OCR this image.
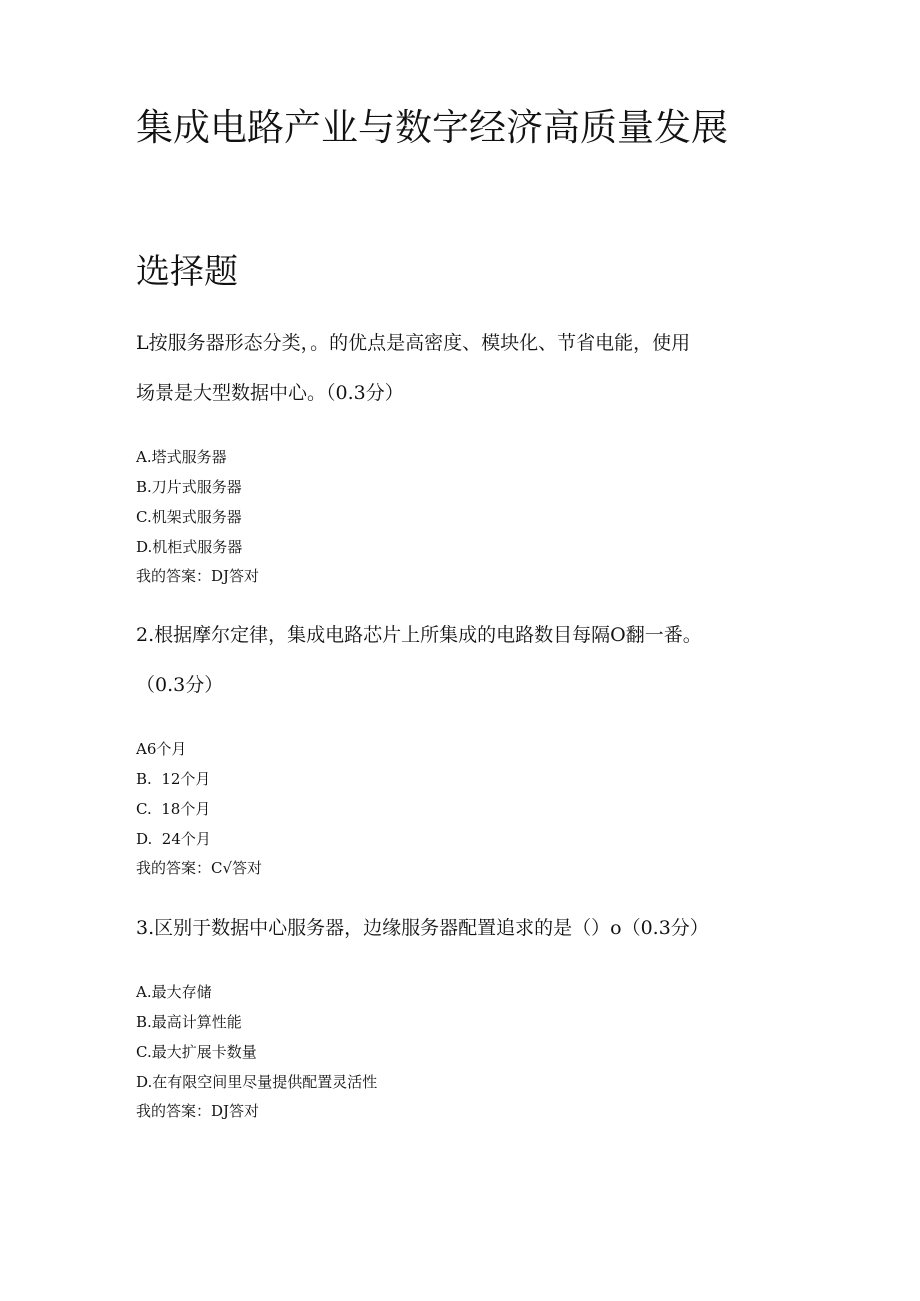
集成电路产业与数字经济高质量发展
选择题
L按服务器形态分类，。的优点是高密度、模块化、节省电能，使用
场景是大型数据中心。（0.3分）
A.塔式服务器
B.刀片式服务器
C.机架式服务器
D.机柜式服务器
我的答案：DJ答对
2.根据摩尔定律，集成电路芯片上所集成的电路数目每隔O翻一番。
（0.3分）
A6个月
B.  12个月
C.  18个月
D.  24个月
我的答案：C√答对
3.区别于数据中心服务器，边缘服务器配置追求的是（）o（0.3分）
A.最大存储
B.最高计算性能
C.最大扩展卡数量
D.在有限空间里尽量提供配置灵活性
我的答案：DJ答对
